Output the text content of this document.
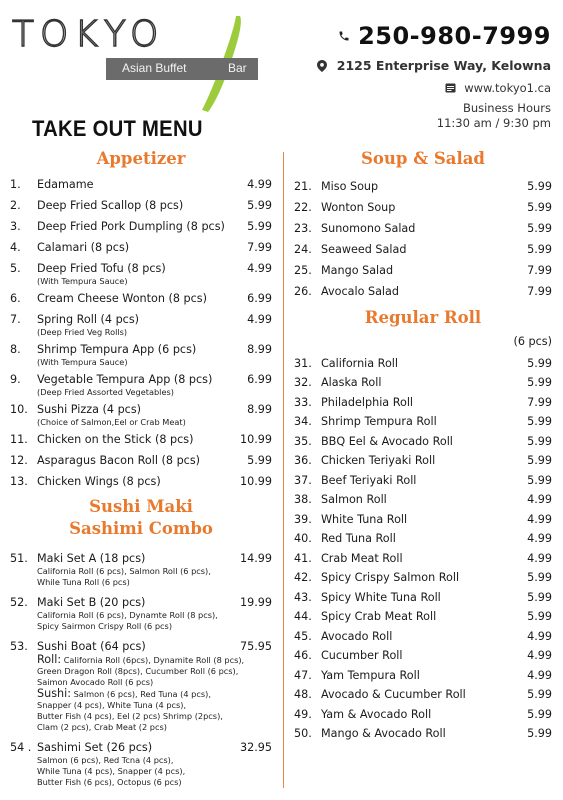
TOKYO
Asian Buffet	Bar
TAKE OUT MENU
250-980-7999
2125 Enterprise Way, Kelowna
www.tokyo1.ca
Business Hours
11:30 am / 9:30 pm
Appetizer
1.	Edamame	4.99
2.	Deep Fried Scallop (8 pcs)	5.99
3.	Deep Fried Pork Dumpling (8 pcs)	5.99
4.	Calamari (8 pcs)	7.99
5.	Deep Fried Tofu (8 pcs)	4.99
(With Tempura Sauce)
6.	Cream Cheese Wonton (8 pcs)	6.99
7.	Spring Roll (4 pcs)	4.99
(Deep Fried Veg Rolls)
8.	Shrimp Tempura App (6 pcs)	8.99
(With Tempura Sauce)
9.	Vegetable Tempura App (8 pcs)	6.99
(Deep Fried Assorted Vegetables)
10. Sushi Pizza (4 pcs)	8.99
(Choice of Salmon,Eel or Crab Meat)
11. Chicken on the Stick (8 pcs)	10.99
12. Asparagus Bacon Roll (8 pcs)	5.99
13. Chicken Wings (8 pcs)	10.99
Sushi Maki
Sashimi Combo
51. Maki Set A (18 pcs)	14.99
California Roll (6 pcs), Salmon Roll (6 pcs),
While Tuna Roll (6 pcs)
52. Maki Set B (20 pcs)	19.99
California Roll (6 pcs), Dynamte Roll (8 pcs),
Spicy Sairmon Crispy Roll (6 pcs)
53. Sushi Boat (64 pcs)	75.95
Roll: California Roll (6pcs), Dynamite Roll (8 pcs),
Green Dragon Roll (8pcs), Cucumber Roll (6 pcs),
Saimon Avocado Roll (6 pcs)
Sushi: Salmon (6 pcs), Red Tuna (4 pcs),
Snapper (4 pcs), White Tuna (4 pcs),
Butter Fish (4 pcs), Eel (2 pcs) Shrimp (2pcs),
Clam (2 pcs), Crab Meat (2 pcs)
54 . Sashimi Set (26 pcs)	32.95
Salmon (6 pcs), Red Tcna (4 pcs),
While Tuna (4 pcs), Snapper (4 pcs),
Butter Fish (6 pcs), Octopus (6 pcs)
Soup & Salad
21. Miso Soup	5.99
22. Wonton Soup	5.99
23. Sunomono Salad	5.99
24. Seaweed Salad	5.99
25. Mango Salad	7.99
26. Avocalo Salad	7.99
Regular Roll
(6 pcs)
31. California Roll	5.99
32. Alaska Roll	5.99
33. Philadelphia Roll	7.99
34. Shrimp Tempura Roll	5.99
35. BBQ Eel & Avocado Roll	5.99
36. Chicken Teriyaki Roll	5.99
37. Beef Teriyaki Roll	5.99
38. Salmon Roll	4.99
39. White Tuna Roll	4.99
40. Red Tuna Roll	4.99
41. Crab Meat Roll	4.99
42. Spicy Crispy Salmon Roll	5.99
43. Spicy White Tuna Roll	5.99
44. Spicy Crab Meat Roll	5.99
45. Avocado Roll	4.99
46. Cucumber Roll	4.99
47. Yam Tempura Roll	4.99
48. Avocado & Cucumber Roll	5.99
49. Yam & Avocado Roll	5.99
50. Mango & Avocado Roll	5.99
